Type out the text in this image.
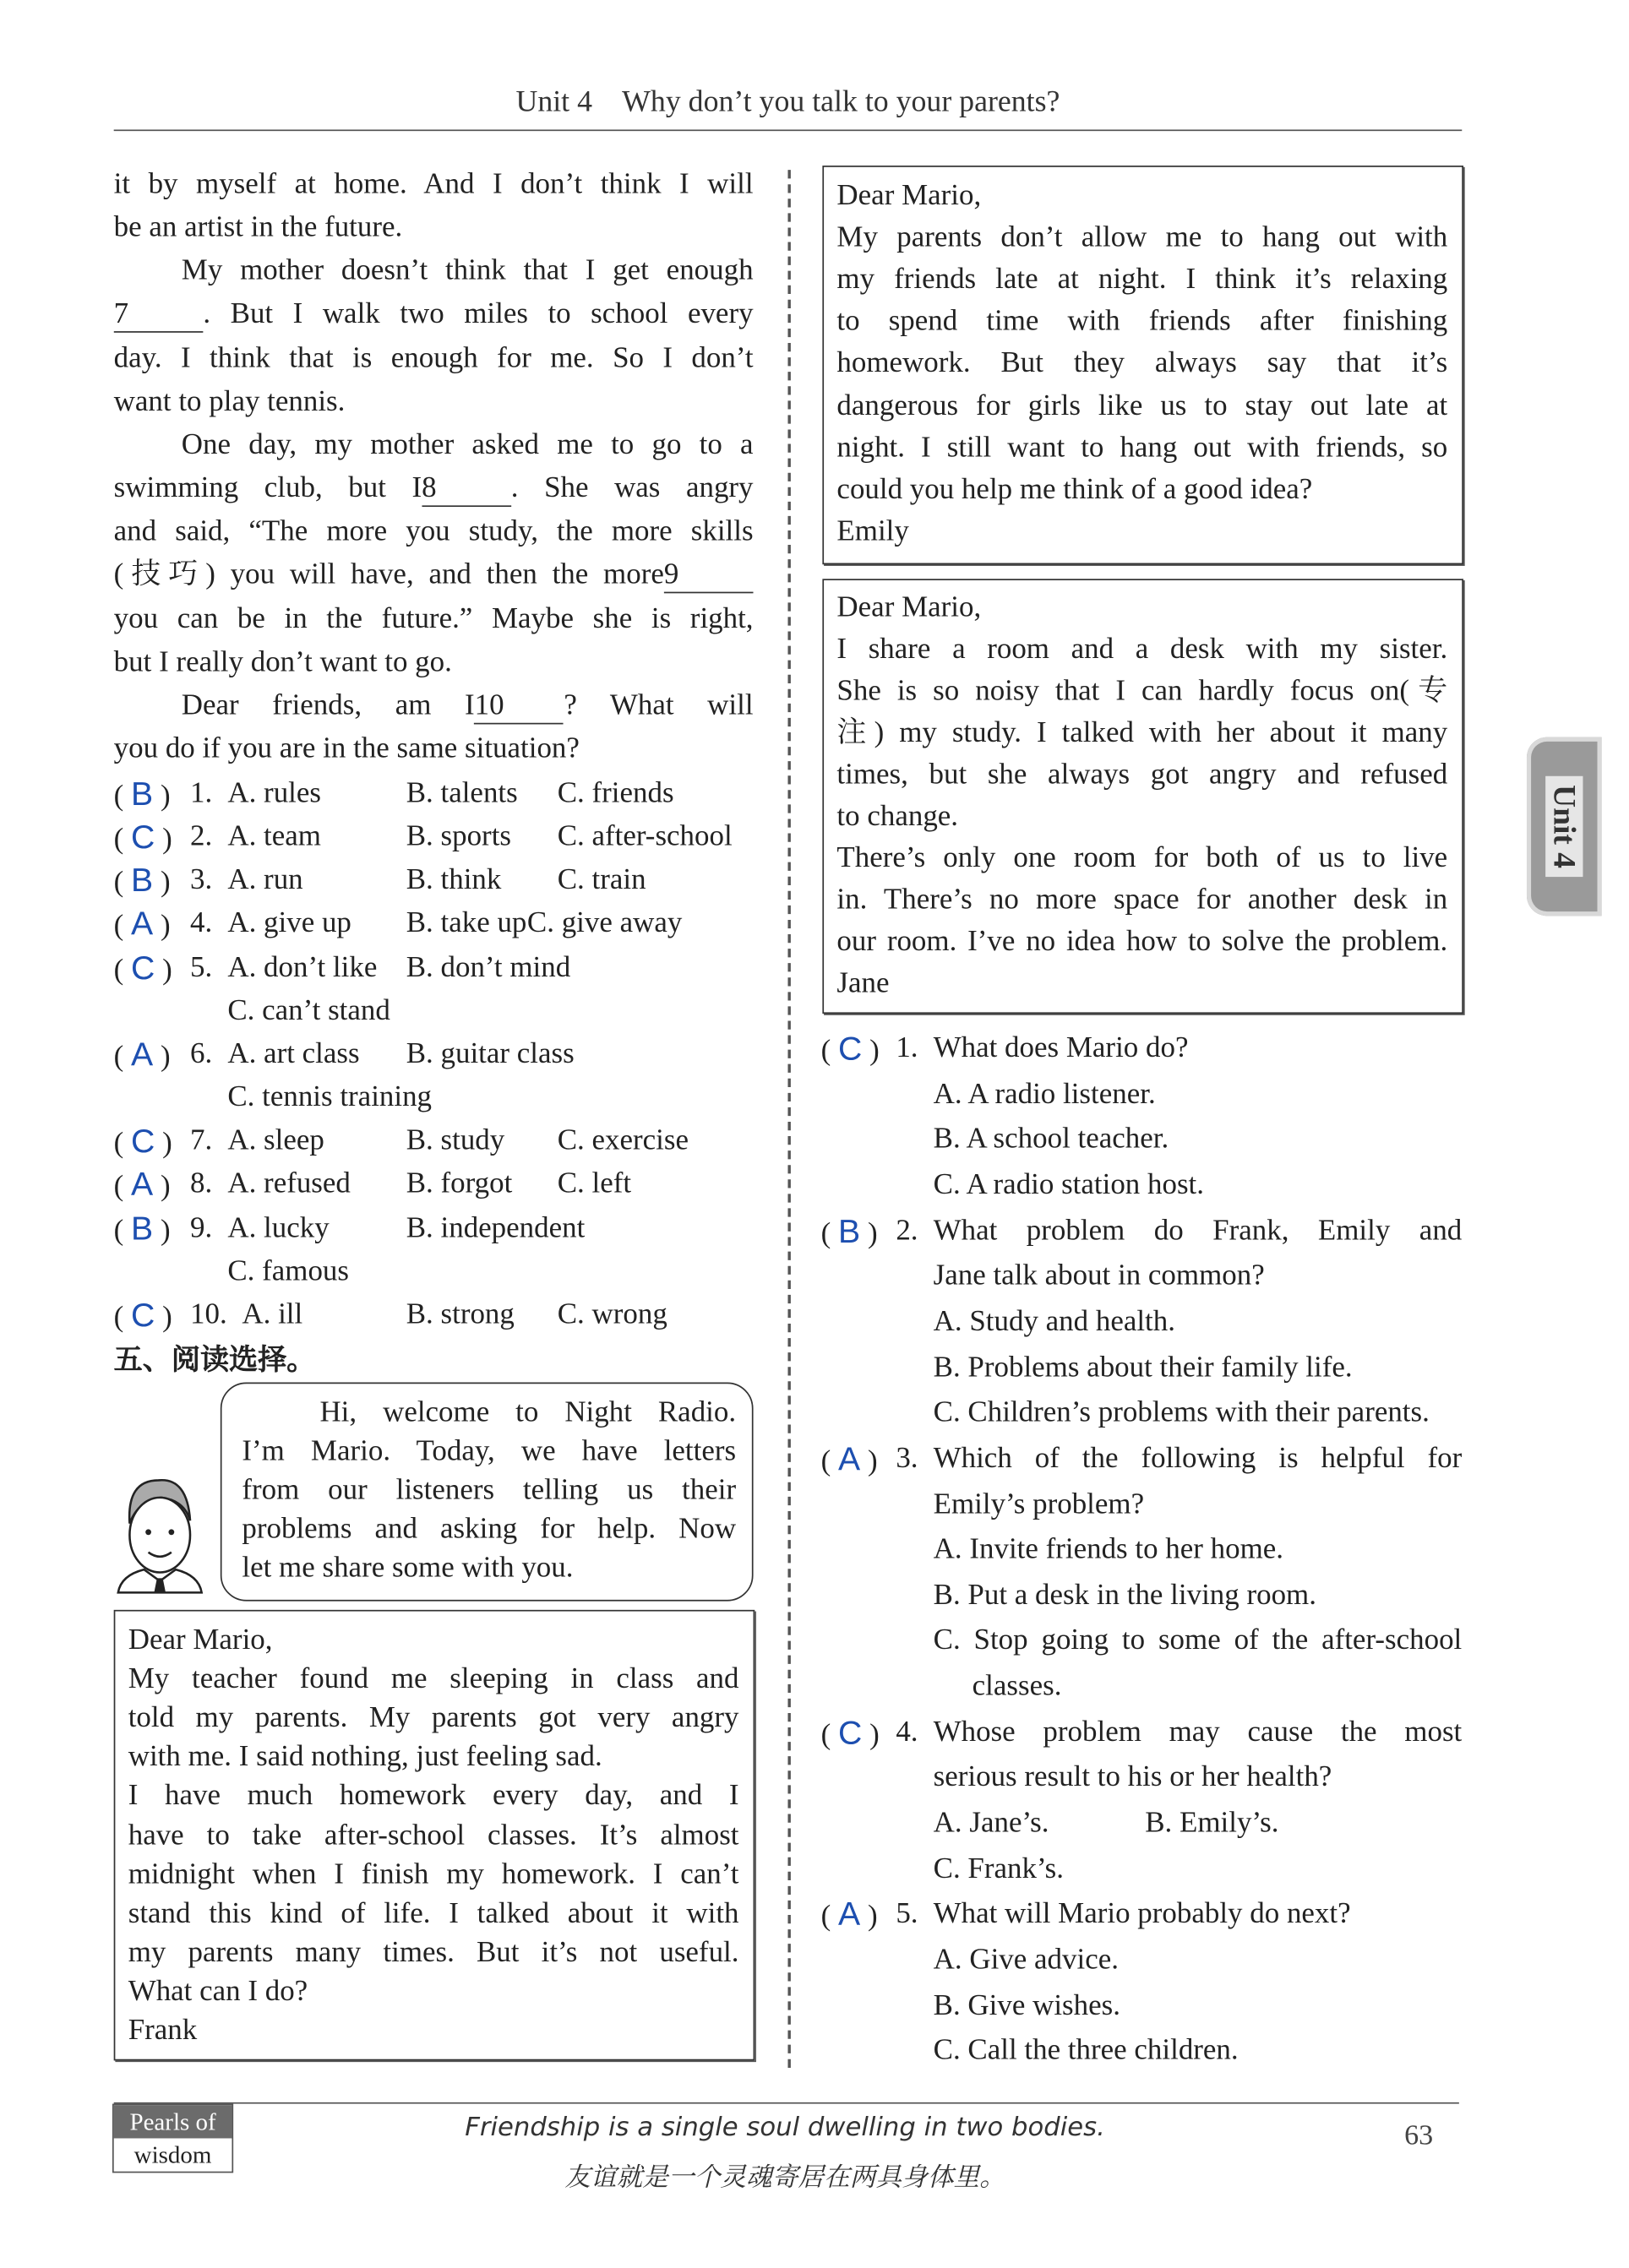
Unit 4 Why don’t you talk to your parents?
Unit 4
it by myself at home. And I don’t think I will
be an artist in the future.
My mother doesn’t think that I get enough
7	. But I walk two miles to school every
day. I think that is enough for me. So I don’t
want to play tennis.
One day, my mother asked me to go to a
swimming club, but I8	. She was angry
and said, “The more you study, the more skills
(技巧) you will have, and then the more9
you can be in the future.” Maybe she is right,
but I really don’t want to go.
Dear friends, am I10	? What will
you do if you are in the same situation?
( B ) 1. A. rules	B. talents C. friends
( C ) 2. A. team	B. sports	C. after-school
( B ) 3. A. run	B. think	C. train
( A ) 4. A. give up	B. take up C. give away
( C ) 5. A. don’t like B. don’t mind
C. can’t stand
( A ) 6. A. art class	B. guitar class
C. tennis training
( C ) 7. A. sleep	B. study	C. exercise
( A ) 8. A. refused	B. forgot	C. left
( B ) 9. A. lucky	B. independent
C. famous
( C ) 10. A. ill	B. strong C. wrong
五、阅读选择。
Hi, welcome to Night Radio.
I’m Mario. Today, we have letters
from our listeners telling us their
problems and asking for help. Now
let me share some with you.
Dear Mario,
My teacher found me sleeping in class and
told my parents. My parents got very angry
with me. I said nothing, just feeling sad.
I have much homework every day, and I
have to take after-school classes. It’s almost
midnight when I finish my homework. I can’t
stand this kind of life. I talked about it with
my parents many times. But it’s not useful.
What can I do?
Frank
Dear Mario,
My parents don’t allow me to hang out with
my friends late at night. I think it’s relaxing
to spend time with friends after finishing
homework. But they always say that it’s
dangerous for girls like us to stay out late at
night. I still want to hang out with friends, so
could you help me think of a good idea?
Emily
Dear Mario,
I share a room and a desk with my sister.
She is so noisy that I can hardly focus on(专
注) my study. I talked with her about it many
times, but she always got angry and refused
to change.
There’s only one room for both of us to live
in. There’s no more space for another desk in
our room. I’ve no idea how to solve the problem.
Jane
( C ) 1. What does Mario do?
A. A radio listener.
B. A school teacher.
C. A radio station host.
( B )	2. What problem do Frank, Emily and
Jane talk about in common?
A. Study and health.
B. Problems about their family life.
C. Children’s problems with their parents.
( A )	3. Which of the following is helpful for
Emily’s problem?
A. Invite friends to her home.
B. Put a desk in the living room.
C. Stop going to some of the after-school
classes.
( C ) 4. Whose problem may cause the most
serious result to his or her health?
A. Jane’s.	B. Emily’s.
C. Frank’s.
( A )	5. What will Mario probably do next?
A. Give advice.
B. Give wishes.
C. Call the three children.
Pearls of
wisdom
Friendship is a single soul dwelling in two bodies.
友谊就是一个灵魂寄居在两具身体里。
63
